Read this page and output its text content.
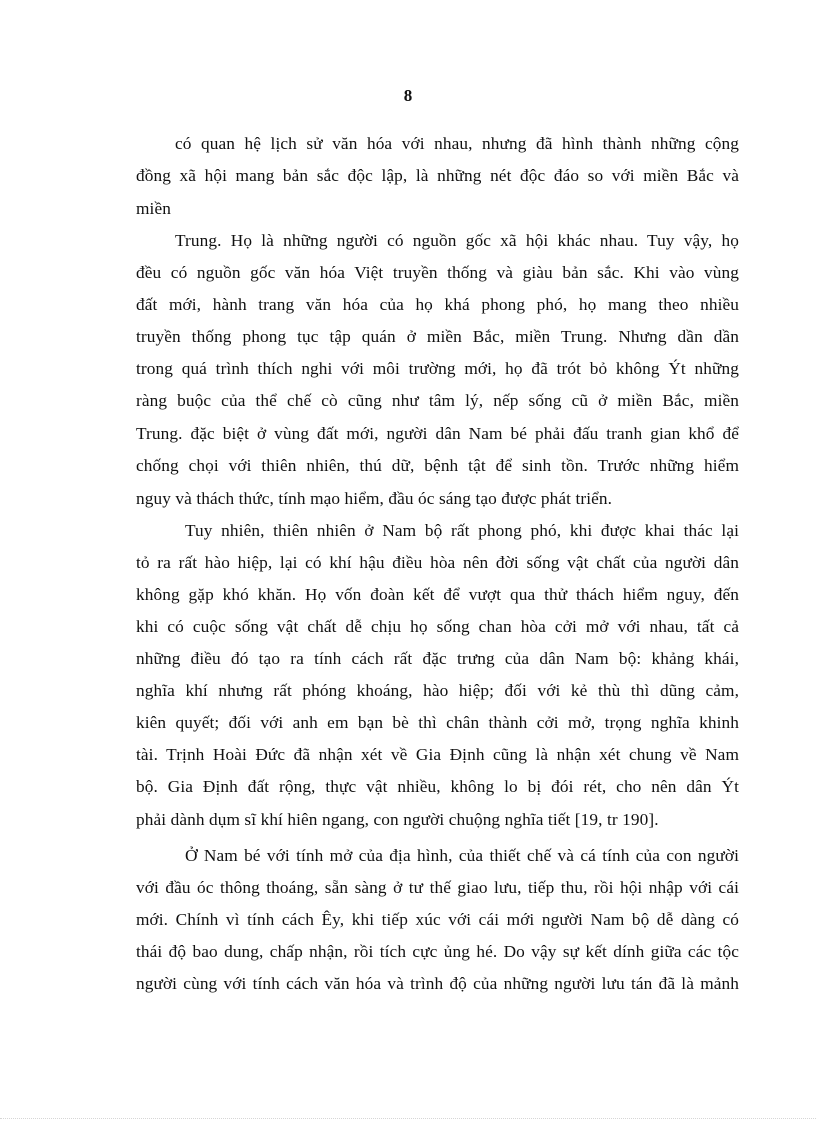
8
có quan hệ lịch sử văn hóa với nhau, nhưng đã hình thành những cộng
đồng xã hội mang bản sắc độc lập, là những nét độc đáo so với miền Bắc và
miền
Trung. Họ là những người có nguồn gốc xã hội khác nhau. Tuy vậy, họ
đều có nguồn gốc văn hóa Việt truyền thống và giàu bản sắc. Khi vào vùng
đất mới, hành trang văn hóa của họ khá phong phó, họ mang theo nhiều
truyền thống phong tục tập quán ở miền Bắc, miền Trung. Nhưng dần dần
trong quá trình thích nghi với môi trường mới, họ đã trót bỏ không Ýt những
ràng buộc của thể chế cò cũng như tâm lý, nếp sống cũ ở miền Bắc, miền
Trung. đặc biệt ở vùng đất mới, người dân Nam bé phải đấu tranh gian khổ để
chống chọi với thiên nhiên, thú dữ, bệnh tật để sinh tồn. Trước những hiểm
nguy và thách thức, tính mạo hiểm, đầu óc sáng tạo được phát triển.
Tuy nhiên, thiên nhiên ở Nam bộ rất phong phó, khi được khai thác lại
tỏ ra rất hào hiệp, lại có khí hậu điều hòa nên đời sống vật chất của người dân
không gặp khó khăn. Họ vốn đoàn kết để vượt qua thử thách hiểm nguy, đến
khi có cuộc sống vật chất dễ chịu họ sống chan hòa cởi mở với nhau, tất cả
những điều đó tạo ra tính cách rất đặc trưng của dân Nam bộ: khảng khái,
nghĩa khí nhưng rất phóng khoáng, hào hiệp; đối với kẻ thù thì dũng cảm,
kiên quyết; đối với anh em bạn bè thì chân thành cởi mở, trọng nghĩa khinh
tài. Trịnh Hoài Đức đã nhận xét về Gia Định cũng là nhận xét chung về Nam
bộ. Gia Định đất rộng, thực vật nhiều, không lo bị đói rét, cho nên dân Ýt
phải dành dụm sĩ khí hiên ngang, con người chuộng nghĩa tiết [19, tr 190].
Ở Nam bé với tính mở của địa hình, của thiết chế và cá tính của con người
với đầu óc thông thoáng, sẵn sàng ở tư thế giao lưu, tiếp thu, rồi hội nhập với cái
mới. Chính vì tính cách Êy, khi tiếp xúc với cái mới người Nam bộ dễ dàng có
thái độ bao dung, chấp nhận, rồi tích cực ủng hé. Do vậy sự kết dính giữa các tộc
người cùng với tính cách văn hóa và trình độ của những người lưu tán đã là mảnh
